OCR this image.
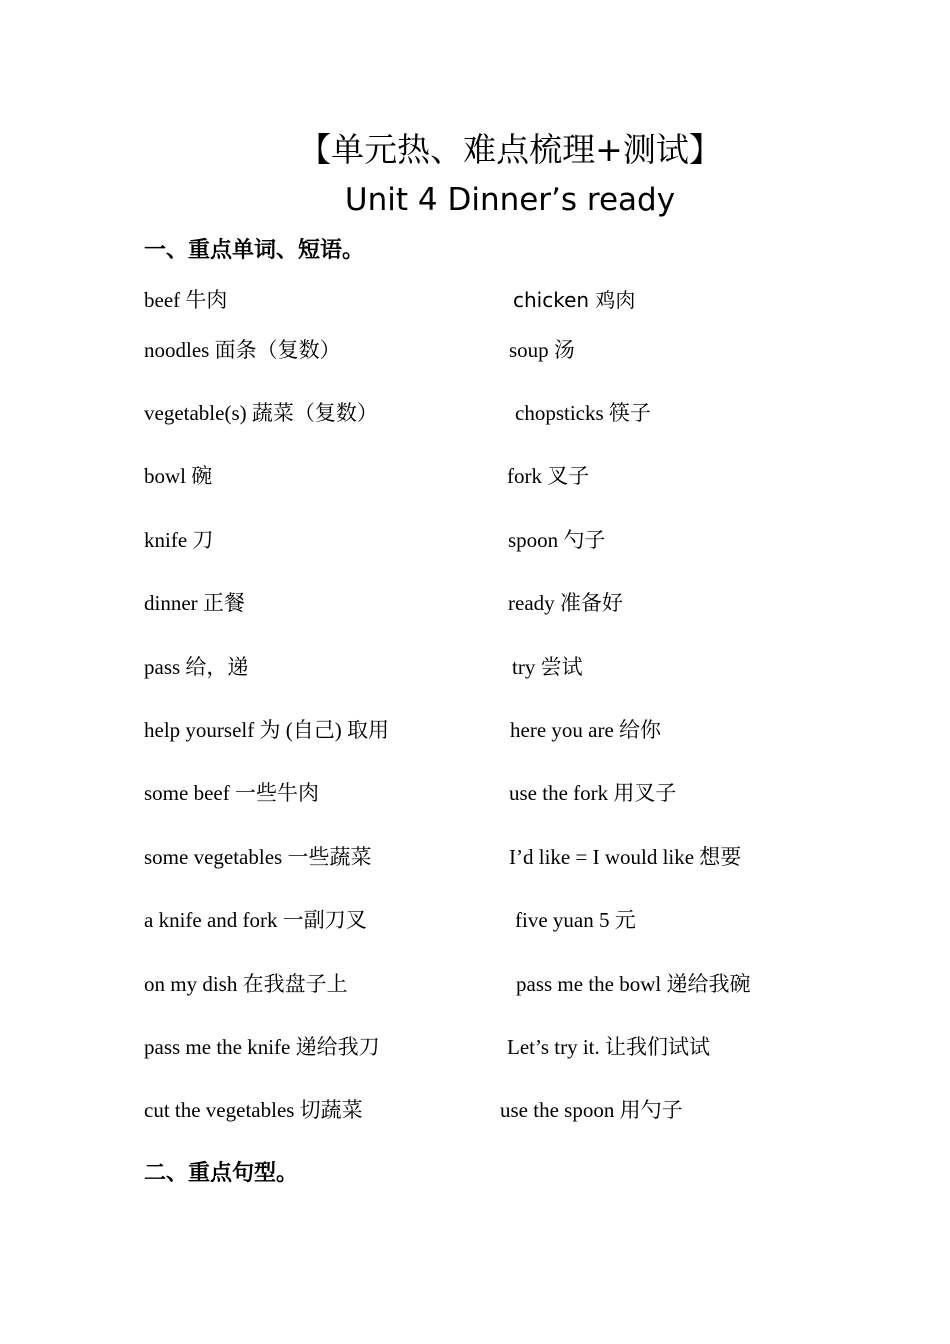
【单元热、难点梳理+测试】
Unit 4 Dinner’s ready
一、重点单词、短语。
beef 牛肉	chicken 鸡肉
noodles 面条（复数）	soup 汤
vegetable(s) 蔬菜（复数）	chopsticks 筷子
bowl 碗	fork 叉子
knife 刀	spoon 勺子
dinner 正餐	ready 准备好
pass 给，递	try 尝试
help yourself 为 (自己) 取用	here you are 给你
some beef 一些牛肉	use the fork 用叉子
some vegetables 一些蔬菜	I’d like = I would like 想要
a knife and fork 一副刀叉	five yuan 5 元
on my dish 在我盘子上	pass me the bowl 递给我碗
pass me the knife 递给我刀	Let’s try it. 让我们试试
cut the vegetables 切蔬菜	use the spoon 用勺子
二、重点句型。
